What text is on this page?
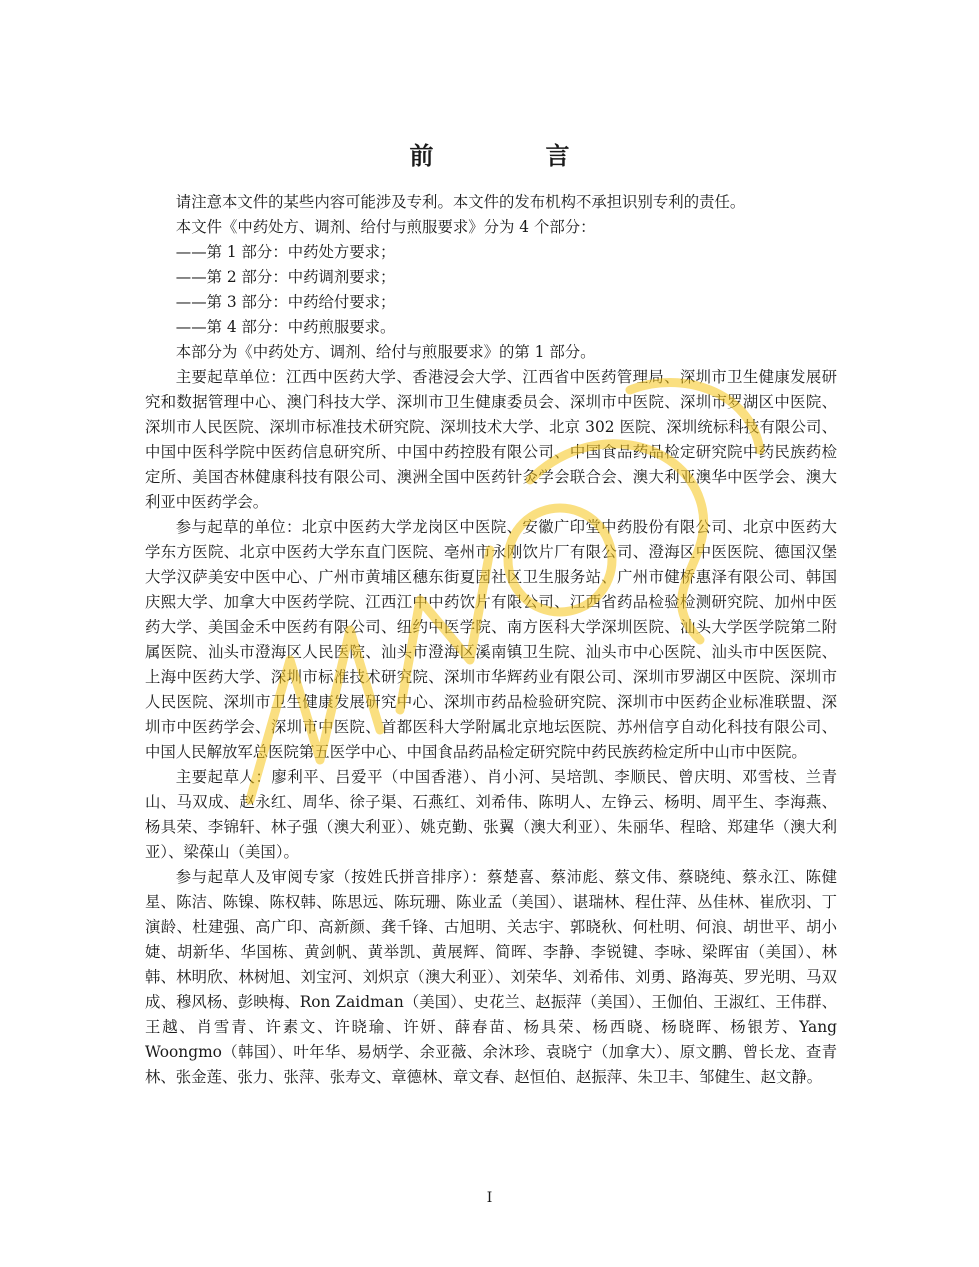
前　言

请注意本文件的某些内容可能涉及专利。本文件的发布机构不承担识别专利的责任。

本文件《中药处方、调剂、给付与煎服要求》分为 4 个部分：

——第 1 部分：中药处方要求；

——第 2 部分：中药调剂要求；

——第 3 部分：中药给付要求；

——第 4 部分：中药煎服要求。

本部分为《中药处方、调剂、给付与煎服要求》的第 1 部分。

主要起草单位：江西中医药大学、香港浸会大学、江西省中医药管理局、深圳市卫生健康发展研究和数据管理中心、澳门科技大学、深圳市卫生健康委员会、深圳市中医院、深圳市罗湖区中医院、深圳市人民医院、深圳市标准技术研究院、深圳技术大学、北京 302 医院、深圳统标科技有限公司、中国中医科学院中医药信息研究所、中国中药控股有限公司、中国食品药品检定研究院中药民族药检定所、美国杏林健康科技有限公司、澳洲全国中医药针灸学会联合会、澳大利亚澳华中医学会、澳大利亚中医药学会。

参与起草的单位：北京中医药大学龙岗区中医院、安徽广印堂中药股份有限公司、北京中医药大学东方医院、北京中医药大学东直门医院、亳州市永刚饮片厂有限公司、澄海区中医医院、德国汉堡大学汉萨美安中医中心、广州市黄埔区穗东街夏园社区卫生服务站、广州市健桥惠泽有限公司、韩国庆熙大学、加拿大中医药学院、江西江中中药饮片有限公司、江西省药品检验检测研究院、加州中医药大学、美国金禾中医药有限公司、纽约中医学院、南方医科大学深圳医院、汕头大学医学院第二附属医院、汕头市澄海区人民医院、汕头市澄海区溪南镇卫生院、汕头市中心医院、汕头市中医医院、上海中医药大学、深圳市标准技术研究院、深圳市华辉药业有限公司、深圳市罗湖区中医院、深圳市人民医院、深圳市卫生健康发展研究中心、深圳市药品检验研究院、深圳市中医药企业标准联盟、深圳市中医药学会、深圳市中医院、首都医科大学附属北京地坛医院、苏州信亨自动化科技有限公司、中国人民解放军总医院第五医学中心、中国食品药品检定研究院中药民族药检定所中山市中医院。

主要起草人：廖利平、吕爱平（中国香港）、肖小河、吴培凯、李顺民、曾庆明、邓雪枝、兰青山、马双成、赵永红、周华、徐子渠、石燕红、刘希伟、陈明人、左铮云、杨明、周平生、李海燕、杨具荣、李锦轩、林子强（澳大利亚）、姚克勤、张翼（澳大利亚）、朱丽华、程晗、郑建华（澳大利亚）、梁葆山（美国）。

参与起草人及审阅专家（按姓氏拼音排序）：蔡楚喜、蔡沛彪、蔡文伟、蔡晓纯、蔡永江、陈健星、陈洁、陈镍、陈权韩、陈思远、陈玩珊、陈业孟（美国）、谌瑞林、程仕萍、丛佳林、崔欣羽、丁演龄、杜建强、高广印、高新颜、龚千锋、古旭明、关志宇、郭晓秋、何杜明、何浪、胡世平、胡小婕、胡新华、华国栋、黄剑帆、黄举凯、黄展辉、简晖、李静、李锐键、李咏、梁晖宙（美国）、林韩、林明欣、林树旭、刘宝河、刘炽京（澳大利亚）、刘荣华、刘希伟、刘勇、路海英、罗光明、马双成、穆风杨、彭映梅、Ron Zaidman（美国）、史花兰、赵振萍（美国）、王伽伯、王淑红、王伟群、王越、肖雪青、许素文、许晓瑜、许妍、薛春苗、杨具荣、杨西晓、杨晓晖、杨银芳、Yang Woongmo（韩国）、叶年华、易炳学、余亚薇、余沐珍、袁晓宁（加拿大）、原文鹏、曾长龙、查青林、张金莲、张力、张萍、张寿文、章德林、章文春、赵恒伯、赵振萍、朱卫丰、邹健生、赵文静。

I
